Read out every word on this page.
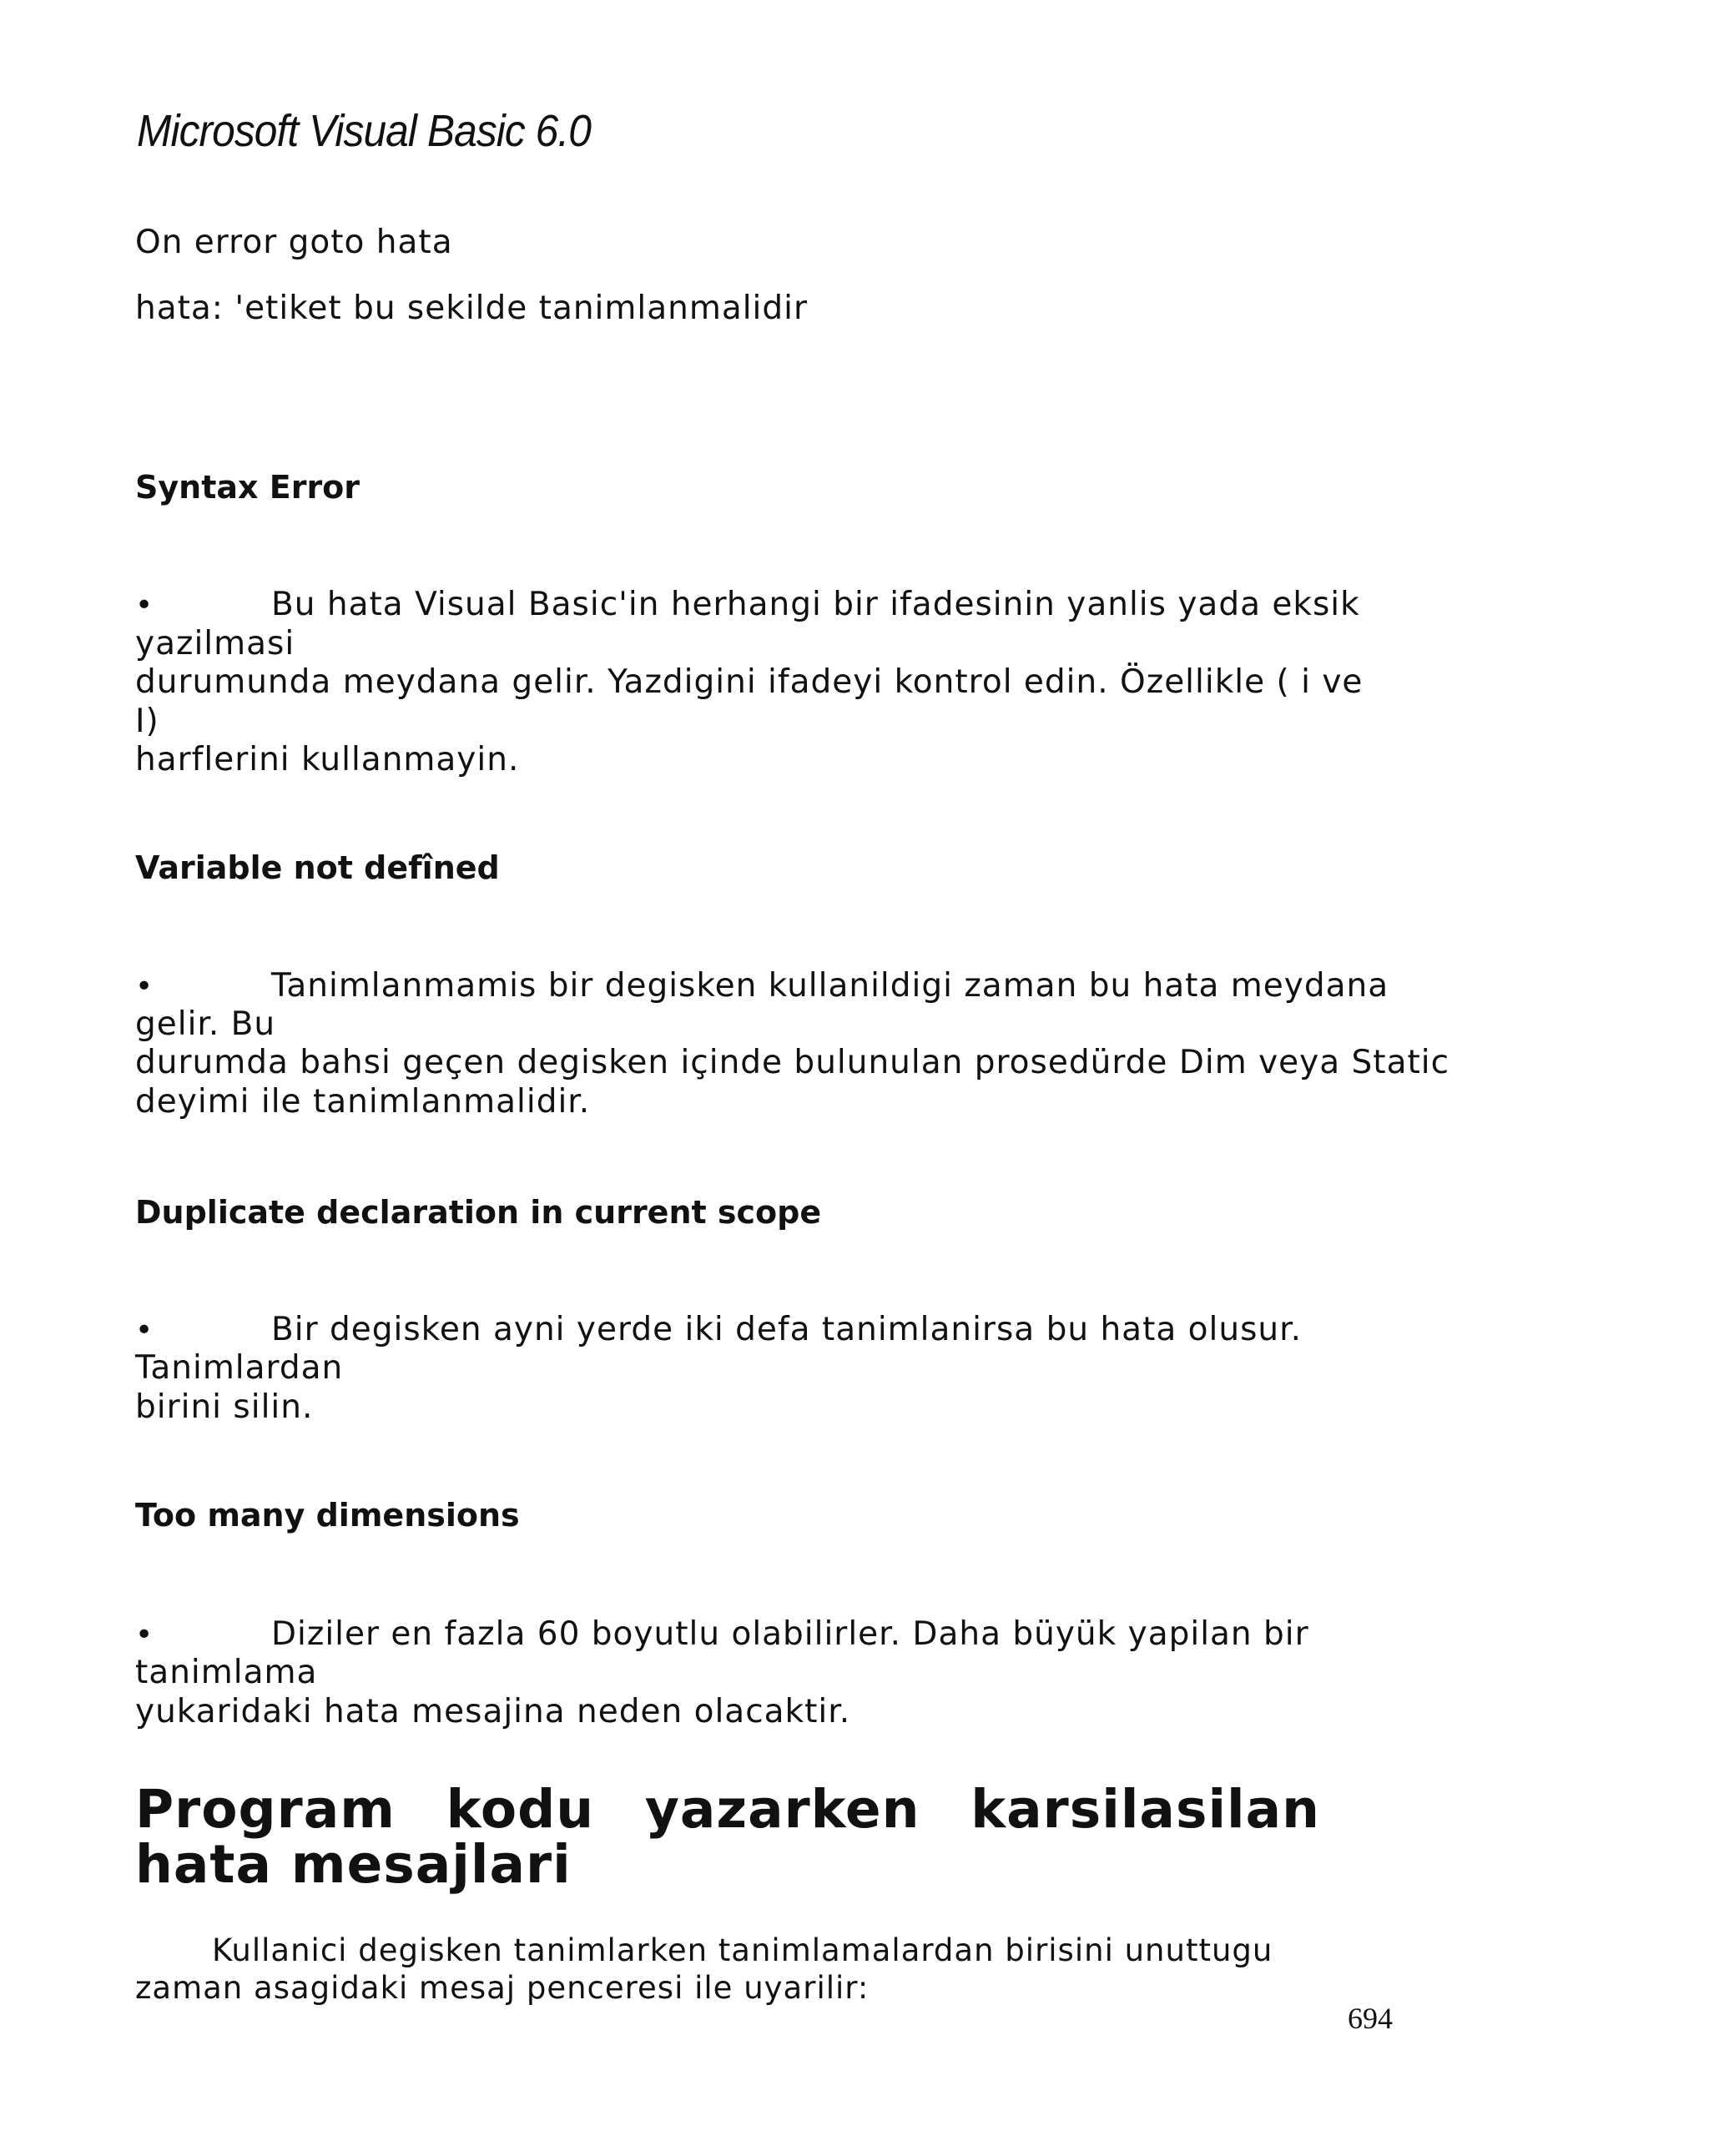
Microsoft Visual Basic 6.0
On error goto hata
hata: 'etiket bu sekilde tanimlanmalidir
Syntax Error
•	Bu hata Visual Basic'in herhangi bir ifadesinin yanlis yada eksik
yazilmasi
durumunda meydana gelir. Yazdigini ifadeyi kontrol edin. Özellikle ( i ve
I)
harflerini kullanmayin.
Variable not defîned
•	Tanimlanmamis bir degisken kullanildigi zaman bu hata meydana
gelir. Bu
durumda bahsi geçen degisken içinde bulunulan prosedürde Dim veya Static
deyimi ile tanimlanmalidir.
Duplicate declaration in current scope
•	Bir degisken ayni yerde iki defa tanimlanirsa bu hata olusur.
Tanimlardan
birini silin.
Too many dimensions
•	Diziler en fazla 60 boyutlu olabilirler. Daha büyük yapilan bir
tanimlama
yukaridaki hata mesajina neden olacaktir.
Program kodu yazarken karsilasilan hata mesajlari
Kullanici degisken tanimlarken tanimlamalardan birisini unuttugu
zaman asagidaki mesaj penceresi ile uyarilir:
694
